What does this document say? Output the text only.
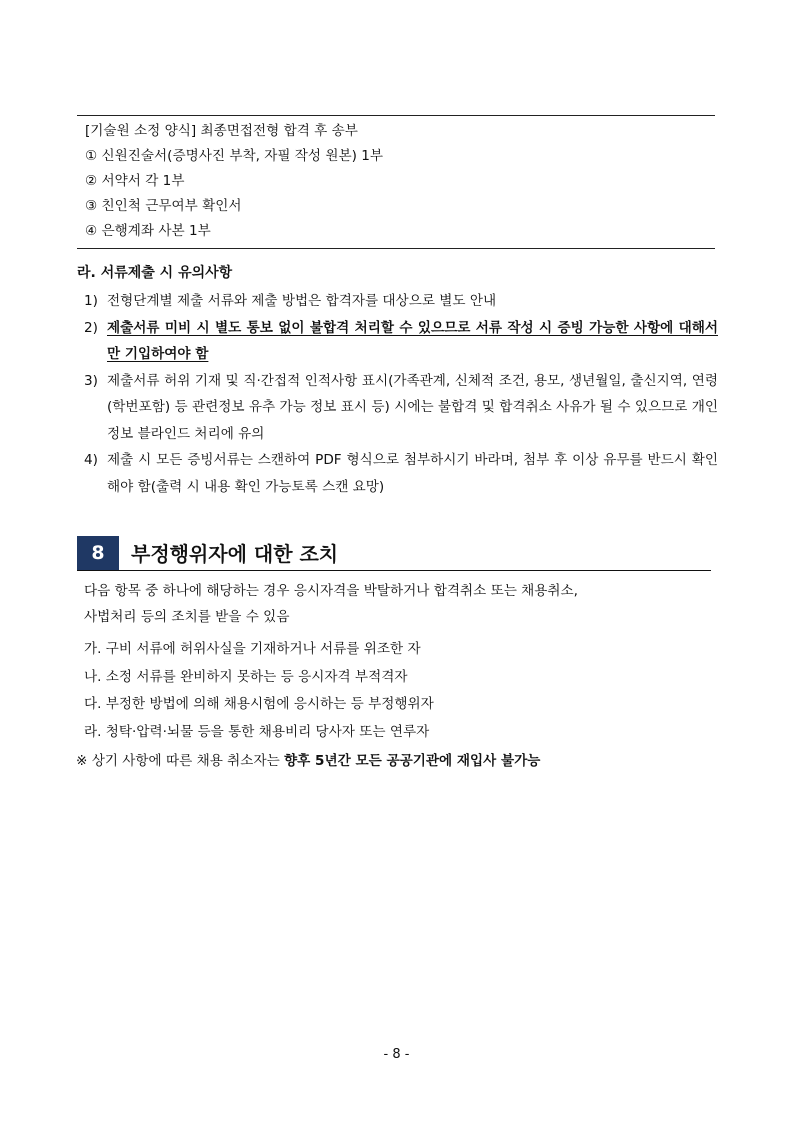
[기술원 소정 양식] 최종면접전형 합격 후 송부
① 신원진술서(증명사진 부착, 자필 작성 원본) 1부
② 서약서 각 1부
③ 친인척 근무여부 확인서
④ 은행계좌 사본 1부
라. 서류제출 시 유의사항
1) 전형단계별 제출 서류와 제출 방법은 합격자를 대상으로 별도 안내
2) 제출서류 미비 시 별도 통보 없이 불합격 처리할 수 있으므로 서류 작성 시 증빙 가능한 사항에 대해서만 기입하여야 함
3) 제출서류 허위 기재 및 직·간접적 인적사항 표시(가족관계, 신체적 조건, 용모, 생년월일, 출신지역, 연령(학번포함) 등 관련정보 유추 가능 정보 표시 등) 시에는 불합격 및 합격취소 사유가 될 수 있으므로 개인정보 블라인드 처리에 유의
4) 제출 시 모든 증빙서류는 스캔하여 PDF 형식으로 첨부하시기 바라며, 첨부 후 이상 유무를 반드시 확인해야 함(출력 시 내용 확인 가능토록 스캔 요망)
8	부정행위자에 대한 조치
다음 항목 중 하나에 해당하는 경우 응시자격을 박탈하거나 합격취소 또는 채용취소,
사법처리 등의 조치를 받을 수 있음
가. 구비 서류에 허위사실을 기재하거나 서류를 위조한 자
나. 소정 서류를 완비하지 못하는 등 응시자격 부적격자
다. 부정한 방법에 의해 채용시험에 응시하는 등 부정행위자
라. 청탁·압력·뇌물 등을 통한 채용비리 당사자 또는 연루자
※ 상기 사항에 따른 채용 취소자는 향후 5년간 모든 공공기관에 재입사 불가능
- 8 -
